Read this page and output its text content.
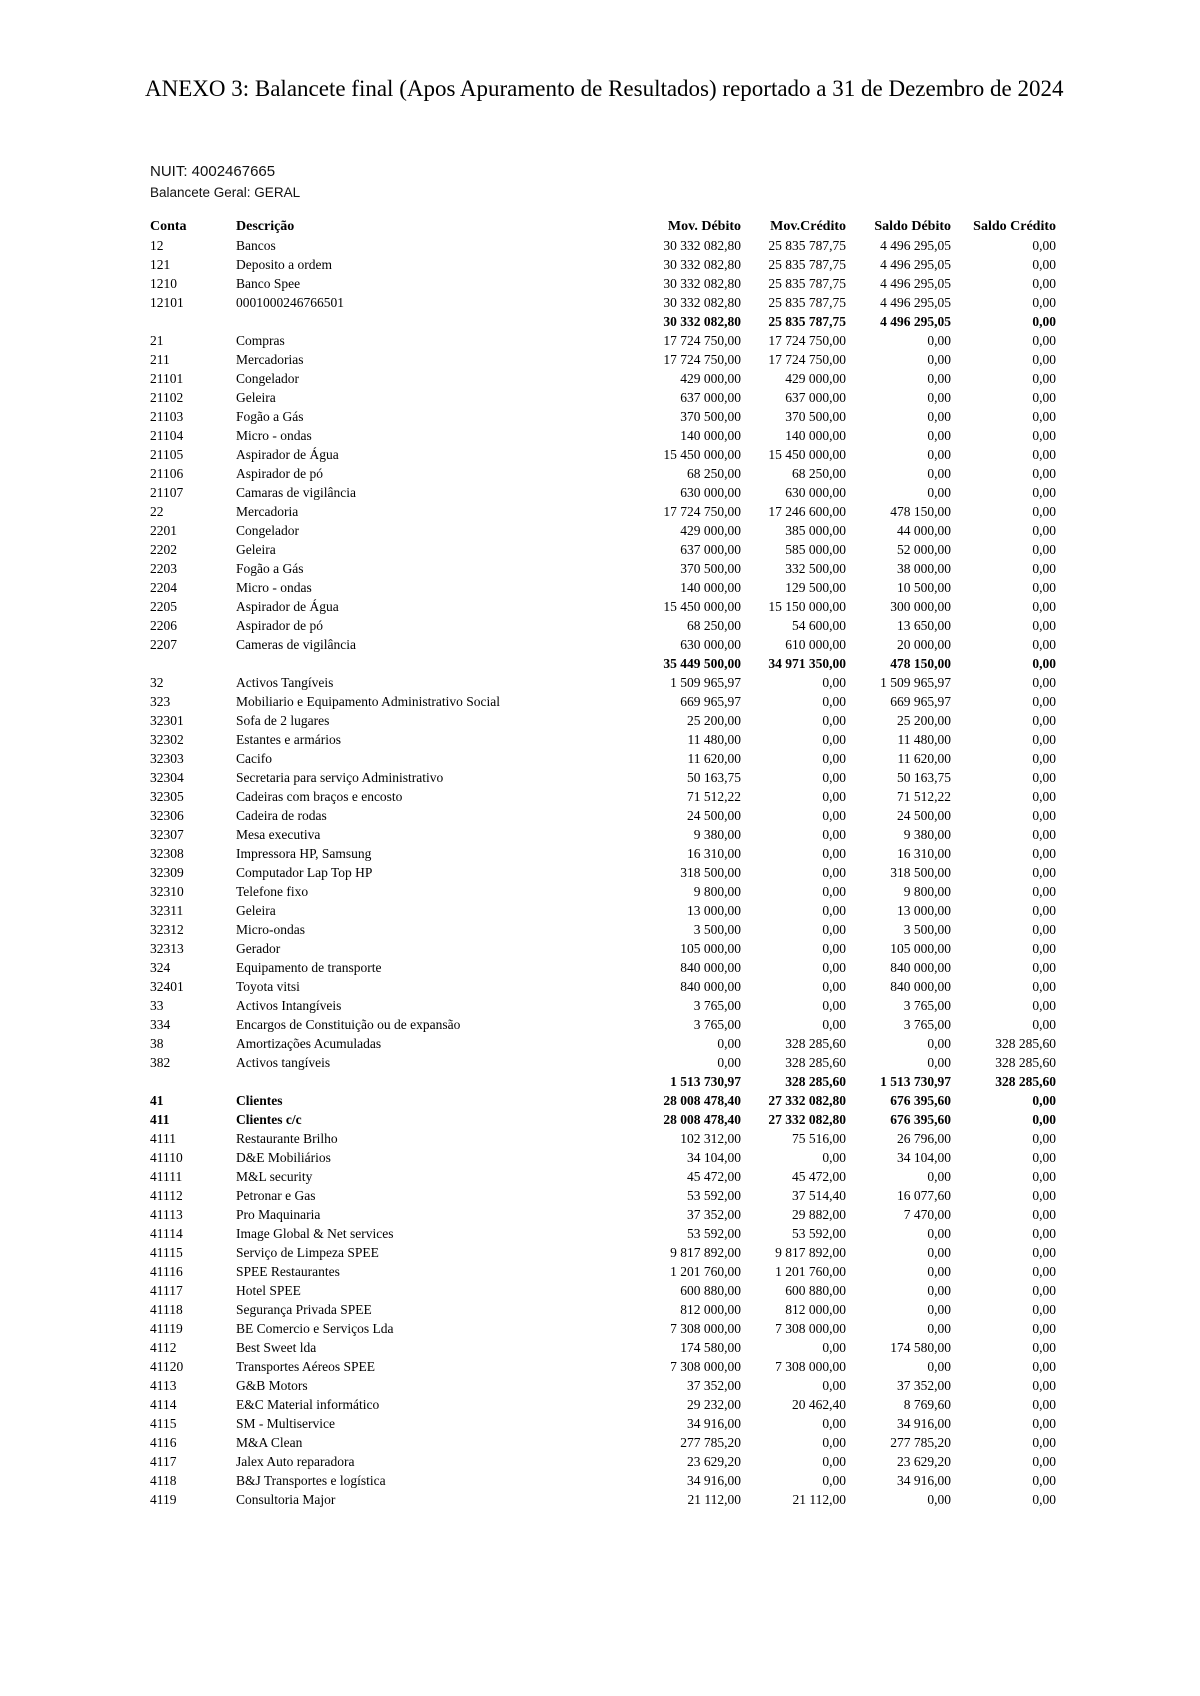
ANEXO 3: Balancete final (Apos Apuramento de Resultados) reportado a 31 de Dezembro de 2024
NUIT: 4002467665
Balancete Geral: GERAL
Conta	Descrição	Mov. Débito	Mov.Crédito	Saldo Débito	Saldo Crédito
12	Bancos	30 332 082,80	25 835 787,75	4 496 295,05	0,00
121	Deposito a ordem	30 332 082,80	25 835 787,75	4 496 295,05	0,00
1210	Banco Spee	30 332 082,80	25 835 787,75	4 496 295,05	0,00
12101	0001000246766501	30 332 082,80	25 835 787,75	4 496 295,05	0,00
		30 332 082,80	25 835 787,75	4 496 295,05	0,00
21	Compras	17 724 750,00	17 724 750,00	0,00	0,00
211	Mercadorias	17 724 750,00	17 724 750,00	0,00	0,00
21101	Congelador	429 000,00	429 000,00	0,00	0,00
21102	Geleira	637 000,00	637 000,00	0,00	0,00
21103	Fogão a Gás	370 500,00	370 500,00	0,00	0,00
21104	Micro - ondas	140 000,00	140 000,00	0,00	0,00
21105	Aspirador de Água	15 450 000,00	15 450 000,00	0,00	0,00
21106	Aspirador de pó	68 250,00	68 250,00	0,00	0,00
21107	Camaras de vigilância	630 000,00	630 000,00	0,00	0,00
22	Mercadoria	17 724 750,00	17 246 600,00	478 150,00	0,00
2201	Congelador	429 000,00	385 000,00	44 000,00	0,00
2202	Geleira	637 000,00	585 000,00	52 000,00	0,00
2203	Fogão a Gás	370 500,00	332 500,00	38 000,00	0,00
2204	Micro - ondas	140 000,00	129 500,00	10 500,00	0,00
2205	Aspirador de Água	15 450 000,00	15 150 000,00	300 000,00	0,00
2206	Aspirador de pó	68 250,00	54 600,00	13 650,00	0,00
2207	Cameras de vigilância	630 000,00	610 000,00	20 000,00	0,00
		35 449 500,00	34 971 350,00	478 150,00	0,00
32	Activos Tangíveis	1 509 965,97	0,00	1 509 965,97	0,00
323	Mobiliario e Equipamento Administrativo Social	669 965,97	0,00	669 965,97	0,00
32301	Sofa de 2 lugares	25 200,00	0,00	25 200,00	0,00
32302	Estantes e armários	11 480,00	0,00	11 480,00	0,00
32303	Cacifo	11 620,00	0,00	11 620,00	0,00
32304	Secretaria para serviço Administrativo	50 163,75	0,00	50 163,75	0,00
32305	Cadeiras com braços e encosto	71 512,22	0,00	71 512,22	0,00
32306	Cadeira de rodas	24 500,00	0,00	24 500,00	0,00
32307	Mesa executiva	9 380,00	0,00	9 380,00	0,00
32308	Impressora HP, Samsung	16 310,00	0,00	16 310,00	0,00
32309	Computador Lap Top HP	318 500,00	0,00	318 500,00	0,00
32310	Telefone fixo	9 800,00	0,00	9 800,00	0,00
32311	Geleira	13 000,00	0,00	13 000,00	0,00
32312	Micro-ondas	3 500,00	0,00	3 500,00	0,00
32313	Gerador	105 000,00	0,00	105 000,00	0,00
324	Equipamento de transporte	840 000,00	0,00	840 000,00	0,00
32401	Toyota vitsi	840 000,00	0,00	840 000,00	0,00
33	Activos Intangíveis	3 765,00	0,00	3 765,00	0,00
334	Encargos de Constituição ou de expansão	3 765,00	0,00	3 765,00	0,00
38	Amortizações Acumuladas	0,00	328 285,60	0,00	328 285,60
382	Activos tangíveis	0,00	328 285,60	0,00	328 285,60
		1 513 730,97	328 285,60	1 513 730,97	328 285,60
41	Clientes	28 008 478,40	27 332 082,80	676 395,60	0,00
411	Clientes c/c	28 008 478,40	27 332 082,80	676 395,60	0,00
4111	Restaurante Brilho	102 312,00	75 516,00	26 796,00	0,00
41110	D&E Mobiliários	34 104,00	0,00	34 104,00	0,00
41111	M&L security	45 472,00	45 472,00	0,00	0,00
41112	Petronar e Gas	53 592,00	37 514,40	16 077,60	0,00
41113	Pro Maquinaria	37 352,00	29 882,00	7 470,00	0,00
41114	Image Global & Net services	53 592,00	53 592,00	0,00	0,00
41115	Serviço de Limpeza SPEE	9 817 892,00	9 817 892,00	0,00	0,00
41116	SPEE Restaurantes	1 201 760,00	1 201 760,00	0,00	0,00
41117	Hotel SPEE	600 880,00	600 880,00	0,00	0,00
41118	Segurança Privada SPEE	812 000,00	812 000,00	0,00	0,00
41119	BE Comercio e Serviços Lda	7 308 000,00	7 308 000,00	0,00	0,00
4112	Best Sweet lda	174 580,00	0,00	174 580,00	0,00
41120	Transportes Aéreos SPEE	7 308 000,00	7 308 000,00	0,00	0,00
4113	G&B Motors	37 352,00	0,00	37 352,00	0,00
4114	E&C Material informático	29 232,00	20 462,40	8 769,60	0,00
4115	SM - Multiservice	34 916,00	0,00	34 916,00	0,00
4116	M&A Clean	277 785,20	0,00	277 785,20	0,00
4117	Jalex Auto reparadora	23 629,20	0,00	23 629,20	0,00
4118	B&J Transportes e logística	34 916,00	0,00	34 916,00	0,00
4119	Consultoria Major	21 112,00	21 112,00	0,00	0,00
